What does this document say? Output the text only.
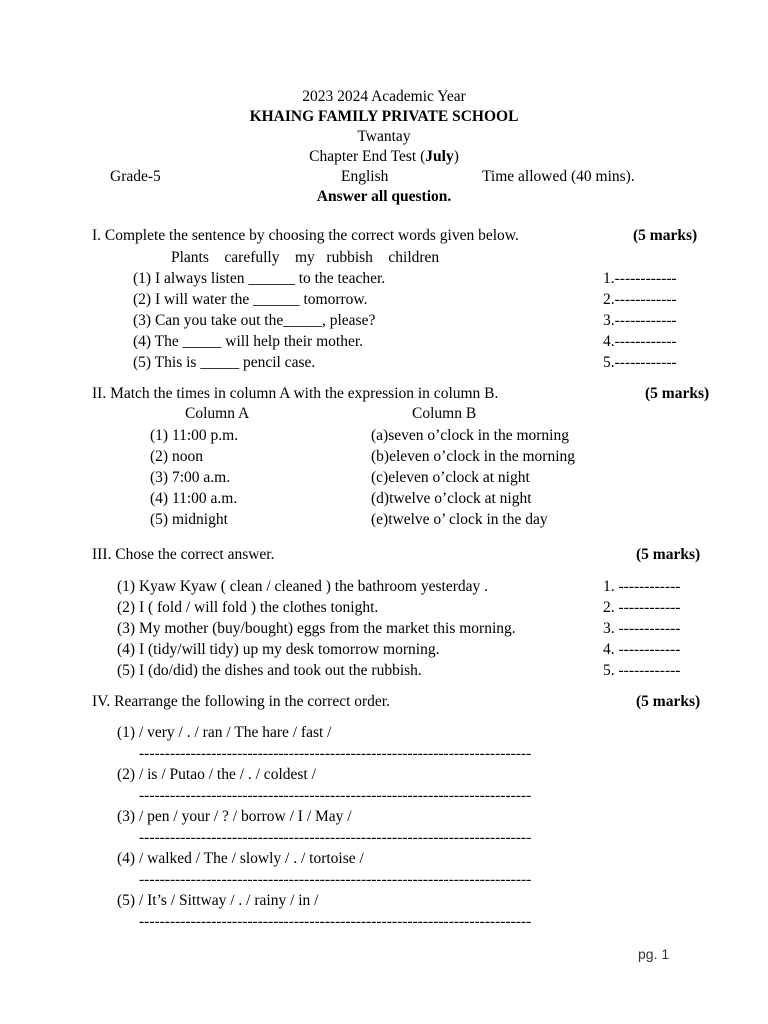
2023 2024 Academic Year
KHAING FAMILY PRIVATE SCHOOL
Twantay
Chapter End Test (July)
Grade-5	English	Time allowed (40 mins).
Answer all question.
I. Complete the sentence by choosing the correct words given below.	(5 marks)
Plants    carefully    my   rubbish    children
(1) I always listen ______ to the teacher.	1.------------
(2) I will water the ______ tomorrow.	2.------------
(3) Can you take out the_____, please?	3.------------
(4) The _____ will help their mother.	4.------------
(5) This is _____ pencil case.	5.------------
II. Match the times in column A with the expression in column B.	(5 marks)
Column A	Column B
(1) 11:00 p.m.	(a)seven o’clock in the morning
(2) noon	(b)eleven o’clock in the morning
(3) 7:00 a.m.	(c)eleven o’clock at night
(4) 11:00 a.m.	(d)twelve o’clock at night
(5) midnight	(e)twelve o’ clock in the day
III. Chose the correct answer.	(5 marks)
(1) Kyaw Kyaw ( clean / cleaned ) the bathroom yesterday .	1. ------------
(2) I ( fold / will fold ) the clothes tonight.	2. ------------
(3) My mother (buy/bought) eggs from the market this morning.	3. ------------
(4) I (tidy/will tidy) up my desk tomorrow morning.	4. ------------
(5) I (do/did) the dishes and took out the rubbish.	5. ------------
IV. Rearrange the following in the correct order.	(5 marks)
(1) / very / . / ran / The hare / fast /
----------------------------------------------------------------------------
(2) / is / Putao / the / . / coldest /
----------------------------------------------------------------------------
(3) / pen / your / ? / borrow / I / May /
----------------------------------------------------------------------------
(4) / walked / The / slowly / . / tortoise /
----------------------------------------------------------------------------
(5) / It’s / Sittway / . / rainy / in /
----------------------------------------------------------------------------
pg. 1
